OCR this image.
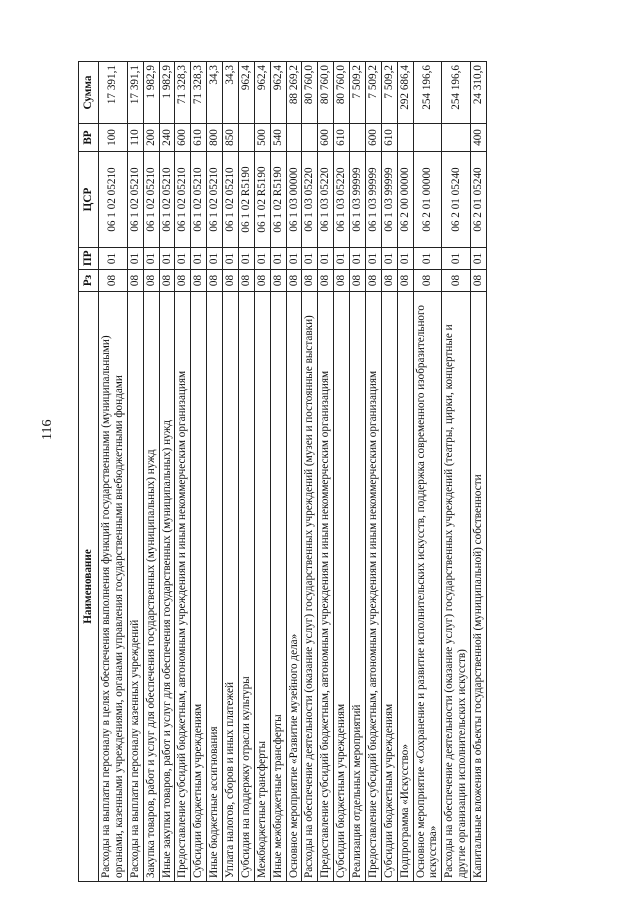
116
Наименование	Рз	ПР	ЦСР	ВР	Сумма
Расходы на выплаты персоналу в целях обеспечения выполнения функций государственными (муниципальными) органами, казенными учреждениями, органами управления государственными внебюджетными фондами	08	01	06 1 02 05210	100	17 391,1
Расходы на выплаты персоналу казенных учреждений	08	01	06 1 02 05210	110	17 391,1
Закупка товаров, работ и услуг для обеспечения государственных (муниципальных) нужд	08	01	06 1 02 05210	200	1 982,9
Иные закупки товаров, работ и услуг для обеспечения государственных (муниципальных) нужд	08	01	06 1 02 05210	240	1 982,9
Предоставление субсидий бюджетным, автономным учреждениям и иным некоммерческим организациям	08	01	06 1 02 05210	600	71 328,3
Субсидии бюджетным учреждениям	08	01	06 1 02 05210	610	71 328,3
Иные бюджетные ассигнования	08	01	06 1 02 05210	800	34,3
Уплата налогов, сборов и иных платежей	08	01	06 1 02 05210	850	34,3
Субсидия на поддержку отрасли культуры	08	01	06 1 02 R5190		962,4
Межбюджетные трансферты	08	01	06 1 02 R5190	500	962,4
Иные межбюджетные трансферты	08	01	06 1 02 R5190	540	962,4
Основное мероприятие «Развитие музейного дела»	08	01	06 1 03 00000		88 269,2
Расходы на обеспечение деятельности (оказание услуг) государственных учреждений (музеи и постоянные выставки)	08	01	06 1 03 05220		80 760,0
Предоставление субсидий бюджетным, автономным учреждениям и иным некоммерческим организациям	08	01	06 1 03 05220	600	80 760,0
Субсидии бюджетным учреждениям	08	01	06 1 03 05220	610	80 760,0
Реализация отдельных мероприятий	08	01	06 1 03 99999		7 509,2
Предоставление субсидий бюджетным, автономным учреждениям и иным некоммерческим организациям	08	01	06 1 03 99999	600	7 509,2
Субсидии бюджетным учреждениям	08	01	06 1 03 99999	610	7 509,2
Подпрограмма «Искусство»	08	01	06 2 00 00000		292 686,4
Основное мероприятие «Сохранение и развитие исполнительских искусств, поддержка современного изобразительного искусства»	08	01	06 2 01 00000		254 196,6
Расходы на обеспечение деятельности (оказание услуг) государственных учреждений (театры, цирки, концертные и другие организации исполнительских искусств)	08	01	06 2 01 05240		254 196,6
Капитальные вложения в объекты государственной (муниципальной) собственности	08	01	06 2 01 05240	400	24 310,0
